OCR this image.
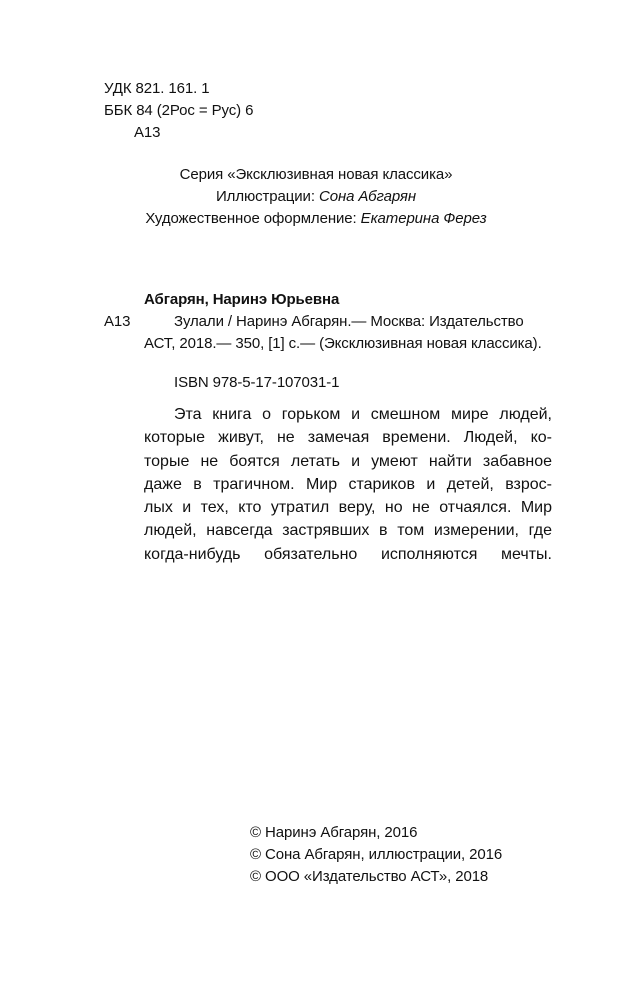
УДК 821. 161. 1
ББК 84 (2Рос = Рус) 6
А13
Серия «Эксклюзивная новая классика»
Иллюстрации: Сона Абгарян
Художественное оформление: Екатерина Ферез
Абгарян, Наринэ Юрьевна
А13	Зулали / Наринэ Абгарян.— Москва: Издательство
АСТ, 2018.— 350, [1] с.— (Эксклюзивная новая классика).
ISBN 978-5-17-107031-1
Эта книга о горьком и смешном мире людей,
которые живут, не замечая времени. Людей, ко-
торые не боятся летать и умеют найти забавное
даже в трагичном. Мир стариков и детей, взрос-
лых и тех, кто утратил веру, но не отчаялся. Мир
людей, навсегда застрявших в том измерении, где
когда-нибудь обязательно исполняются мечты.
© Наринэ Абгарян, 2016
© Сона Абгарян, иллюстрации, 2016
© ООО «Издательство АСТ», 2018
